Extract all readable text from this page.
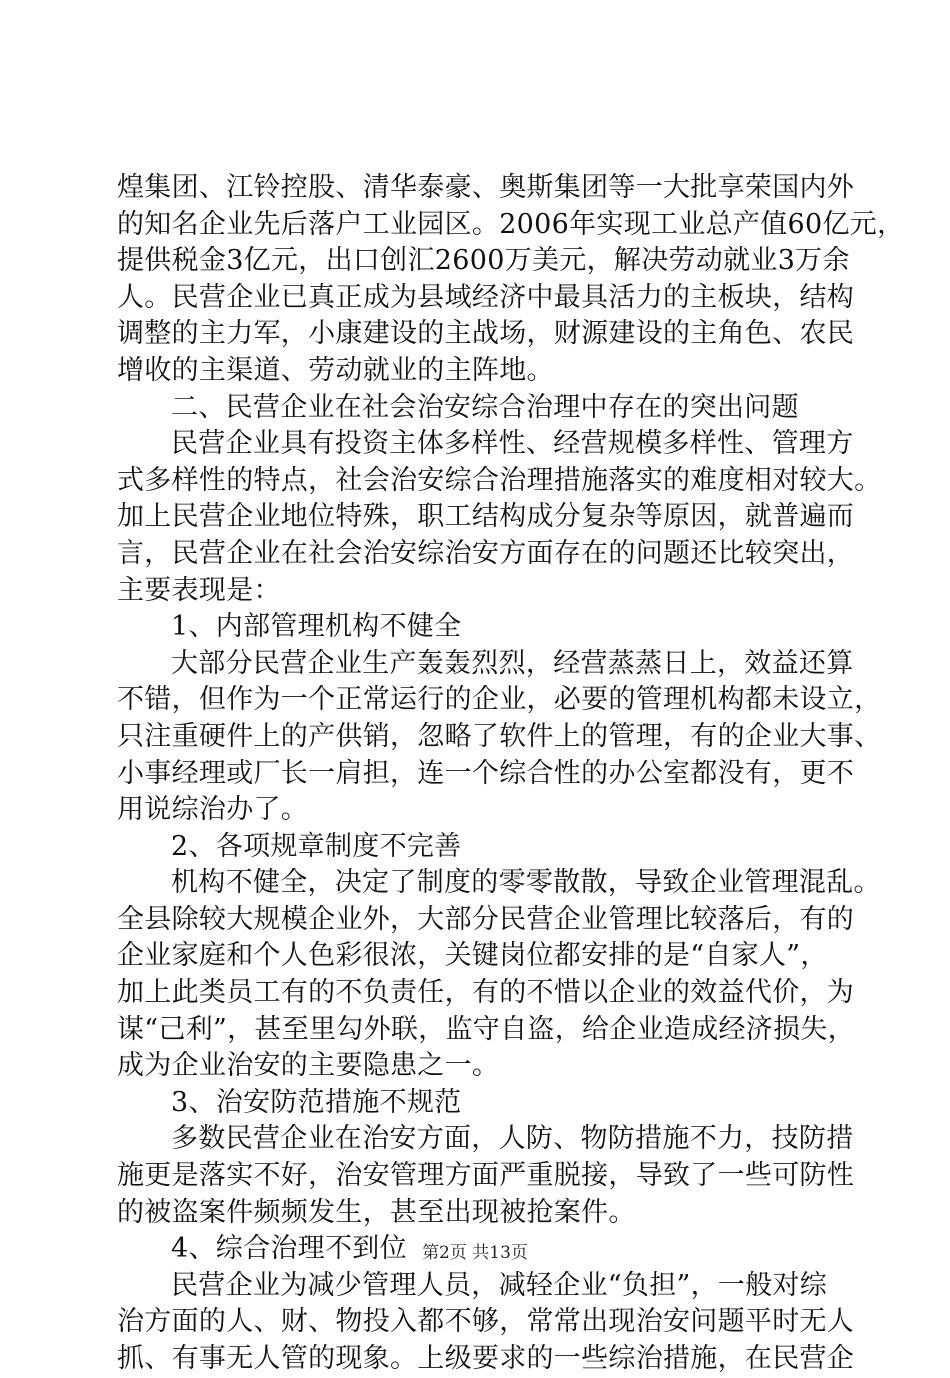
煌集团、江铃控股、清华泰豪、奥斯集团等一大批享荣国内外
的知名企业先后落户工业园区。2006年实现工业总产值60亿元，
提供税金3亿元，出口创汇2600万美元，解决劳动就业3万余
人。民营企业已真正成为县域经济中最具活力的主板块，结构
调整的主力军，小康建设的主战场，财源建设的主角色、农民
增收的主渠道、劳动就业的主阵地。
二、民营企业在社会治安综合治理中存在的突出问题
民营企业具有投资主体多样性、经营规模多样性、管理方
式多样性的特点，社会治安综合治理措施落实的难度相对较大。
加上民营企业地位特殊，职工结构成分复杂等原因，就普遍而
言，民营企业在社会治安综治安方面存在的问题还比较突出，
主要表现是：
1、内部管理机构不健全
大部分民营企业生产轰轰烈烈，经营蒸蒸日上，效益还算
不错，但作为一个正常运行的企业，必要的管理机构都未设立，
只注重硬件上的产供销，忽略了软件上的管理，有的企业大事、
小事经理或厂长一肩担，连一个综合性的办公室都没有，更不
用说综治办了。
2、各项规章制度不完善
机构不健全，决定了制度的零零散散，导致企业管理混乱。
全县除较大规模企业外，大部分民营企业管理比较落后，有的
企业家庭和个人色彩很浓，关键岗位都安排的是“自家人”，
加上此类员工有的不负责任，有的不惜以企业的效益代价，为
谋“己利”，甚至里勾外联，监守自盗，给企业造成经济损失，
成为企业治安的主要隐患之一。
3、治安防范措施不规范
多数民营企业在治安方面，人防、物防措施不力，技防措
施更是落实不好，治安管理方面严重脱接，导致了一些可防性
的被盗案件频频发生，甚至出现被抢案件。
4、综合治理不到位
民营企业为减少管理人员，减轻企业“负担”，一般对综
治方面的人、财、物投入都不够，常常出现治安问题平时无人
抓、有事无人管的现象。上级要求的一些综治措施，在民营企
第2页 共13页
